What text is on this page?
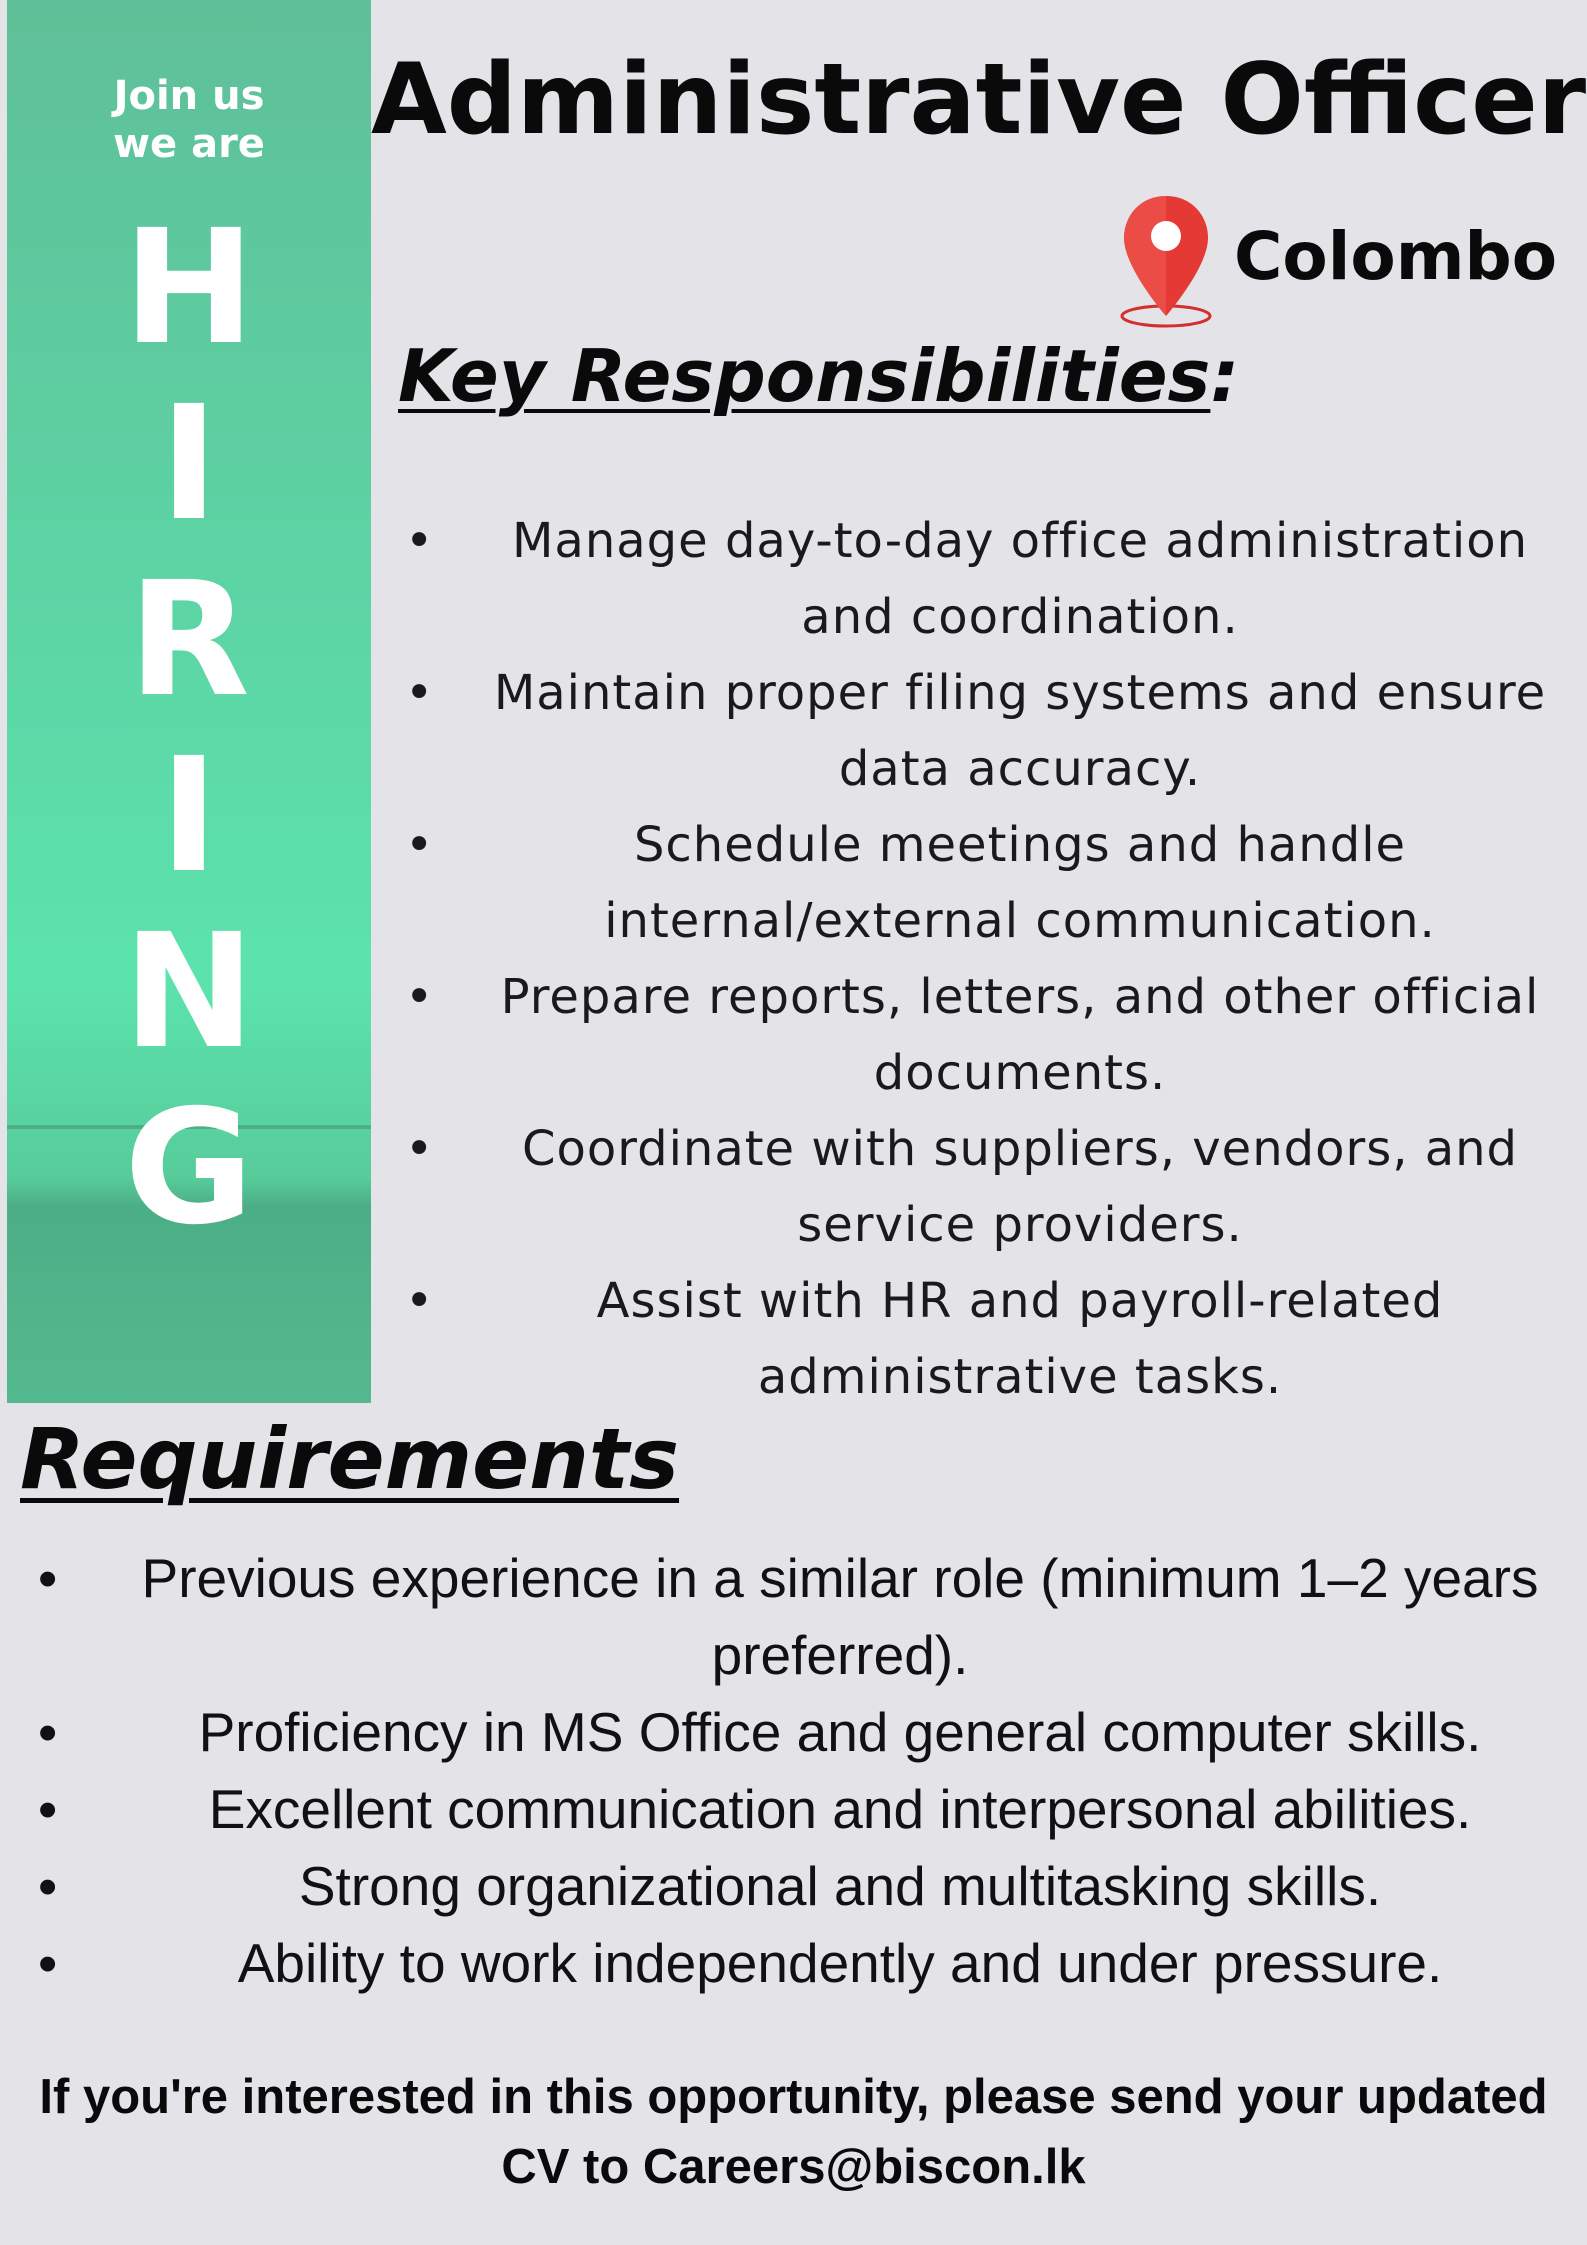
Join us
we are
H
I
R
I
N
G
Administrative Officer
Colombo
Key Responsibilities:
• Manage day-to-day office administration and coordination.
• Maintain proper filing systems and ensure data accuracy.
• Schedule meetings and handle internal/external communication.
• Prepare reports, letters, and other official documents.
• Coordinate with suppliers, vendors, and service providers.
• Assist with HR and payroll-related administrative tasks.
Requirements
• Previous experience in a similar role (minimum 1–2 years preferred).
• Proficiency in MS Office and general computer skills.
• Excellent communication and interpersonal abilities.
• Strong organizational and multitasking skills.
• Ability to work independently and under pressure.
If you're interested in this opportunity, please send your updated
CV to Careers@biscon.lk
